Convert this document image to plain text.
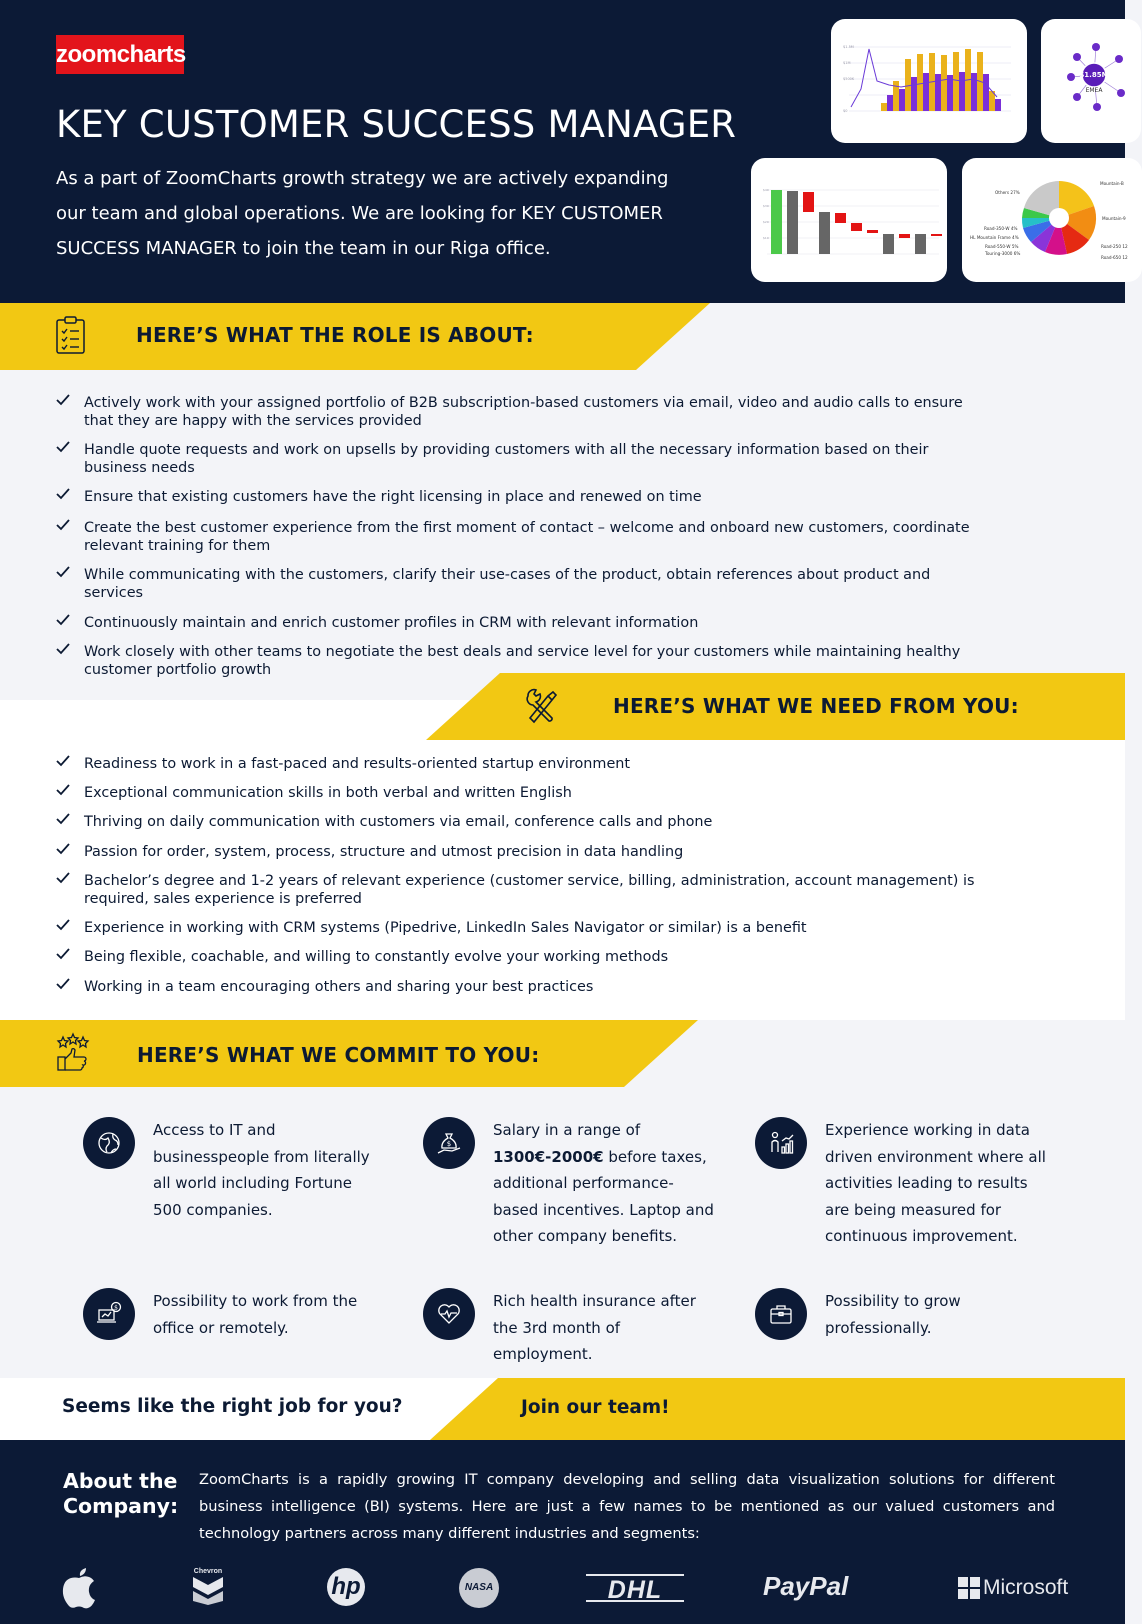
zoomcharts
KEY CUSTOMER SUCCESS MANAGER

As a part of ZoomCharts growth strategy we are actively expanding our team and global operations. We are looking for KEY CUSTOMER SUCCESS MANAGER to join the team in our Riga office.

$1.5M
$1M
$500K
$0
$1.85M
EMEA
$40
$30
$20
$10
Others 27%
Road-350-W 4%
HL Mountain Frame 4%
Road-550-W 5%
Touring-3000 6%
Mountain-B
Mountain-9
Road-250 12
Road-650 12
HERE’S WHAT THE ROLE IS ABOUT:
Actively work with your assigned portfolio of B2B subscription-based customers via email, video and audio calls to ensure that they are happy with the services provided
Handle quote requests and work on upsells by providing customers with all the necessary information based on their business needs
Ensure that existing customers have the right licensing in place and renewed on time
Create the best customer experience from the first moment of contact – welcome and onboard new customers, coordinate relevant training for them
While communicating with the customers, clarify their use-cases of the product, obtain references about product and services
Continuously maintain and enrich customer profiles in CRM with relevant information
Work closely with other teams to negotiate the best deals and service level for your customers while maintaining healthy customer portfolio growth
HERE’S WHAT WE NEED FROM YOU:
Readiness to work in a fast-paced and results-oriented startup environment
Exceptional communication skills in both verbal and written English
Thriving on daily communication with customers via email, conference calls and phone
Passion for order, system, process, structure and utmost precision in data handling
Bachelor’s degree and 1-2 years of relevant experience (customer service, billing, administration, account management) is required, sales experience is preferred
Experience in working with CRM systems (Pipedrive, LinkedIn Sales Navigator or similar) is a benefit
Being flexible, coachable, and willing to constantly evolve your working methods
Working in a team encouraging others and sharing your best practices
HERE’S WHAT WE COMMIT TO YOU:
Access to IT and businesspeople from literally all world including Fortune 500 companies.
$
Salary in a range of 1300€-2000€ before taxes, additional performance-based incentives. Laptop and other company benefits.
Experience working in data driven environment where all activities leading to results are being measured for continuous improvement.
$ Possibility to work from the office or remotely.
Rich health insurance after the 3rd month of employment.
Possibility to grow professionally.
Seems like the right job for you?	Join our team!
About the Company:

ZoomCharts is a rapidly growing IT company developing and selling data visualization solutions for different business intelligence (BI) systems. Here are just a few names to be mentioned as our valued customers and technology partners across many different industries and segments:

Chevron
hp	NASA	DHL	PayPal	Microsoft
